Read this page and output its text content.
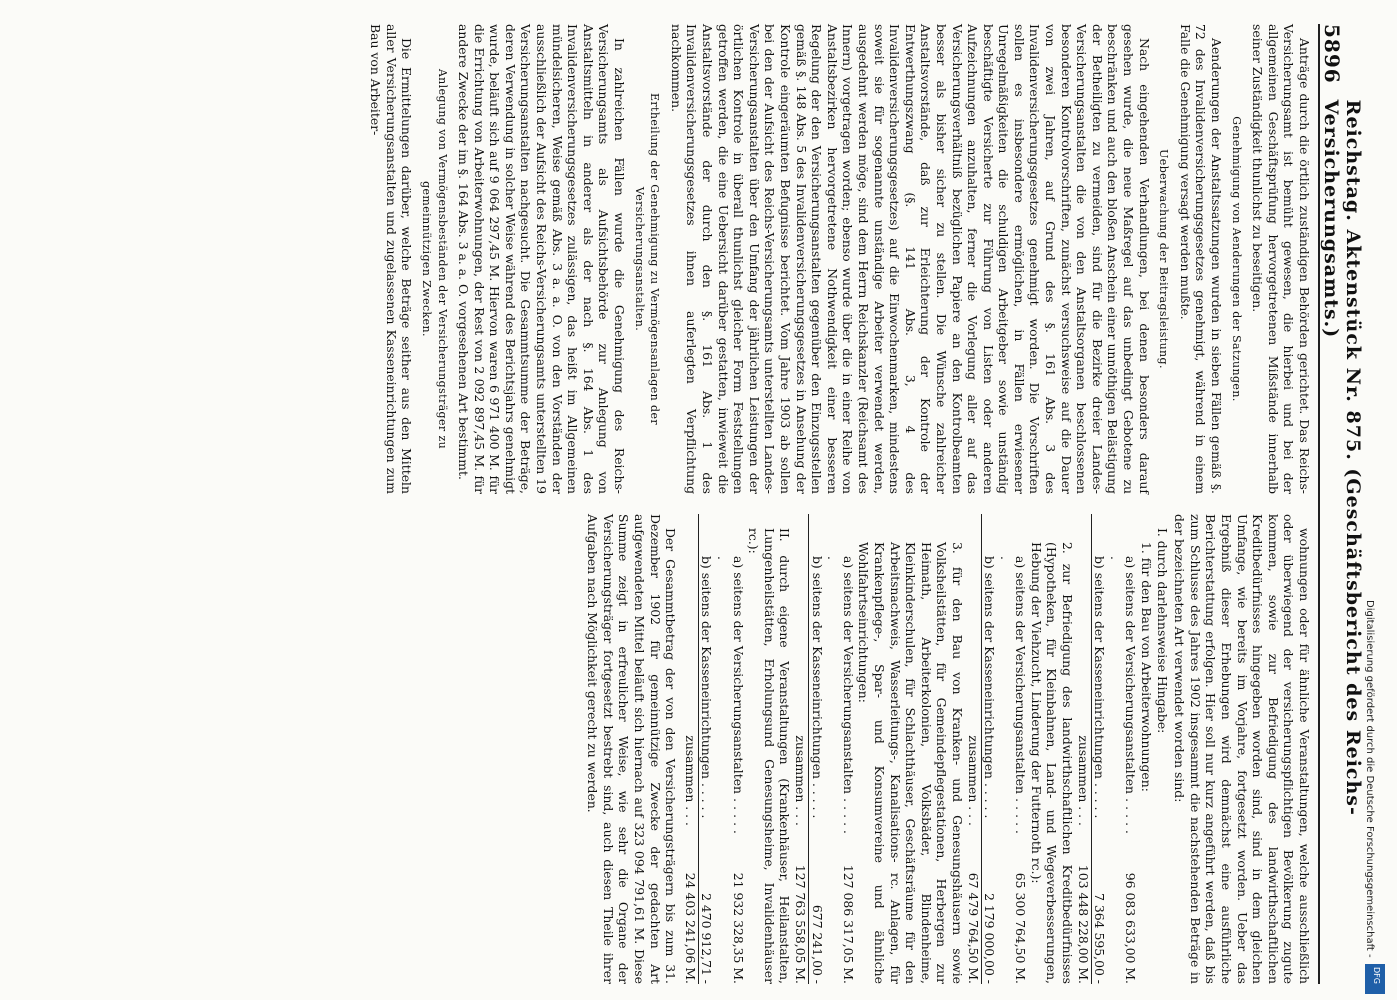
5896
Reichstag. Aktenstück Nr. 875. (Geschäftsbericht des Reichs-Versicherungsamts.)

Anträge durch die örtlich zuständigen Behörden gerichtet. Das Reichs-Versicherungsamt ist bemüht gewesen, die hierbei und bei der allgemeinen Geschäftsprüfung hervorgetretenen Mißstände innerhalb seiner Zuständigkeit thunlichst zu beseitigen.

Genehmigung von Aenderungen der Satzungen.

Aenderungen der Anstaltssatzungen wurden in sieben Fällen gemäß §. 72 des Invalidenversicherungsgesetzes genehmigt, während in einem Falle die Genehmigung versagt werden mußte.

Ueberwachung der Beitragsleistung.

Nach eingehenden Verhandlungen, bei denen besonders darauf gesehen wurde, die neue Maßregel auf das unbedingt Gebotene zu beschränken und auch den bloßen Anschein einer unnöthigen Belästigung der Betheiligten zu vermeiden, sind für die Bezirke dreier Landes-Versicherungsanstalten die von den Anstaltsorganen beschlossenen besonderen Kontrolvorschriften, zunächst versuchsweise auf die Dauer von zwei Jahren, auf Grund des §. 161 Abs. 3 des Invalidenversicherungsgesetzes genehmigt worden. Die Vorschriften sollen es insbesondere ermöglichen, in Fällen erwiesener Unregelmäßigkeiten die schuldigen Arbeitgeber sowie unständig beschäftigte Versicherte zur Führung von Listen oder anderen Aufzeichnungen anzuhalten, ferner die Vorlegung aller auf das Versicherungsverhältniß bezüglichen Papiere an den Kontrolbeamten besser als bisher sicher zu stellen. Die Wünsche zahlreicher Anstaltsvorstände, daß zur Erleichterung der Kontrole der Entwerthungszwang (§. 141 Abs. 3, 4 des Invalidenversicherungsgesetzes) auf die Einwochenmarken, mindestens soweit sie für sogenannte unständige Arbeiter verwendet werden, ausgedehnt werden möge, sind dem Herrn Reichskanzler (Reichsamt des Innern) vorgetragen worden; ebenso wurde über die in einer Reihe von Anstaltsbezirken hervorgetretene Nothwendigkeit einer besseren Regelung der den Versicherungsanstalten gegenüber den Einzugsstellen gemäß §. 148 Abs. 5 des Invalidenversicherungsgesetzes in Ansehung der Kontrole eingeräumten Befugnisse berichtet. Vom Jahre 1903 ab sollen bei den der Aufsicht des Reichs-Versicherungsamts unterstellten Landes-Versicherungsanstalten über den Umfang der jährlichen Leistungen der örtlichen Kontrole in überall thunlichst gleicher Form Feststellungen getroffen werden, die eine Uebersicht darüber gestatten, inwieweit die Anstaltsvorstände der durch den §. 161 Abs. 1 des Invalidenversicherungsgesetzes ihnen auferlegten Verpflichtung nachkommen.

Ertheilung der Genehmigung zu Vermögensanlagen der Versicherungsanstalten.

In zahlreichen Fällen wurde die Genehmigung des Reichs-Versicherungsamts als Aufsichtsbehörde zur Anlegung von Anstaltsmitteln in anderer als der nach §. 164 Abs. 1 des Invalidenversicherungsgesetzes zulässigen, das heißt im Allgemeinen mündelsicheren, Weise gemäß Abs. 3 a. a. O. von den Vorständen der ausschließlich der Aufsicht des Reichs-Versicherungsamts unterstellten 19 Versicherungsanstalten nachgesucht. Die Gesammtsumme der Beträge, deren Verwendung in solcher Weise während des Berichtsjahrs genehmigt wurde, beläuft sich auf 9 064 297,45 M. Hiervon waren 6 971 400 M. für die Errichtung von Arbeiterwohnungen, der Rest von 2 092 897,45 M. für andere Zwecke der im §. 164 Abs. 3 a. a. O. vorgesehenen Art bestimmt.

Anlegung von Vermögensbeständen der Versicherungsträger zu gemeinnützigen Zwecken.

Die Ermittelungen darüber, welche Beträge seither aus den Mitteln aller Versicherungsanstalten und zugelassenen Kasseneinrichtungen zum Bau von Arbeiter-

wohnungen oder für ähnliche Veranstaltungen, welche ausschließlich oder überwiegend der versicherungspflichtigen Bevölkerung zugute kommen, sowie zur Befriedigung des landwirthschaftlichen Kreditbedürfnisses hingegeben worden sind, sind in dem gleichen Umfange, wie bereits im Vorjahre, fortgesetzt worden. Ueber das Ergebniß dieser Erhebungen wird demnächst eine ausführliche Berichterstattung erfolgen. Hier soll nur kurz angeführt werden, daß bis zum Schlusse des Jahres 1902 insgesammt die nachstehenden Beträge in der bezeichneten Art verwendet worden sind:

I. durch darlehnsweise Hingabe:
1. für den Bau von Arbeiterwohnungen:
a) seitens der Versicherungsanstalten . . . . . .
96 083 633,00 M.
b) seitens der Kasseneinrichtungen . . . . .
7 364 595,00 -
zusammen . . .
103 448 228,00 M.
2. zur Befriedigung des landwirthschaftlichen Kreditbedürfnisses (Hypotheken, für Kleinbahnen, Land- und Wegeverbesserungen, Hebung der Viehzucht, Linderung der Futternoth rc.):
a) seitens der Versicherungsanstalten . . . . . .
65 300 764,50 M.
b) seitens der Kasseneinrichtungen . . . . .
2 179 000,00 -
zusammen . . .
67 479 764,50 M.
3. für den Bau von Kranken- und Genesungshäusern sowie Volksheilstätten, für Gemeindepflegestationen, Herbergen zur Heimath, Arbeiterkolonien, Volksbäder, Blindenheime, Kleinkinderschulen, für Schlachthäuser, Geschäftsräume für den Arbeitsnachweis, Wasserleitungs-, Kanalisations- rc. Anlagen, für Krankenpflege-, Spar- und Konsumvereine und ähnliche Wohlfahrtseinrichtungen:
a) seitens der Versicherungsanstalten . . . . . .
127 086 317,05 M.
b) seitens der Kasseneinrichtungen . . . . .
677 241,00 -
zusammen . . .
127 763 558,05 M.
II. durch eigene Veranstaltungen (Krankenhäuser, Heilanstalten, Lungenheilstätten, Erholungsund Genesungsheime, Invalidenhäuser rc.):
a) seitens der Versicherungsanstalten . . . . . .
21 932 328,35 M.
b) seitens der Kasseneinrichtungen . . . . .
2 470 912,71 -
zusammen . . .
24 403 241,06 M.

Der Gesammtbetrag der von den Versicherungsträgern bis zum 31. Dezember 1902 für gemeinnützige Zwecke der gedachten Art aufgewendeten Mittel beläuft sich hiernach auf 323 094 791,61 M. Diese Summe zeigt in erfreulicher Weise, wie sehr die Organe der Versicherungsträger fortgesetzt bestrebt sind, auch diesen Theile ihrer Aufgaben nach Möglichkeit gerecht zu werden.	Digitalisierung gefördert durch die Deutsche Forschungsgemeinschaft -
DFG
